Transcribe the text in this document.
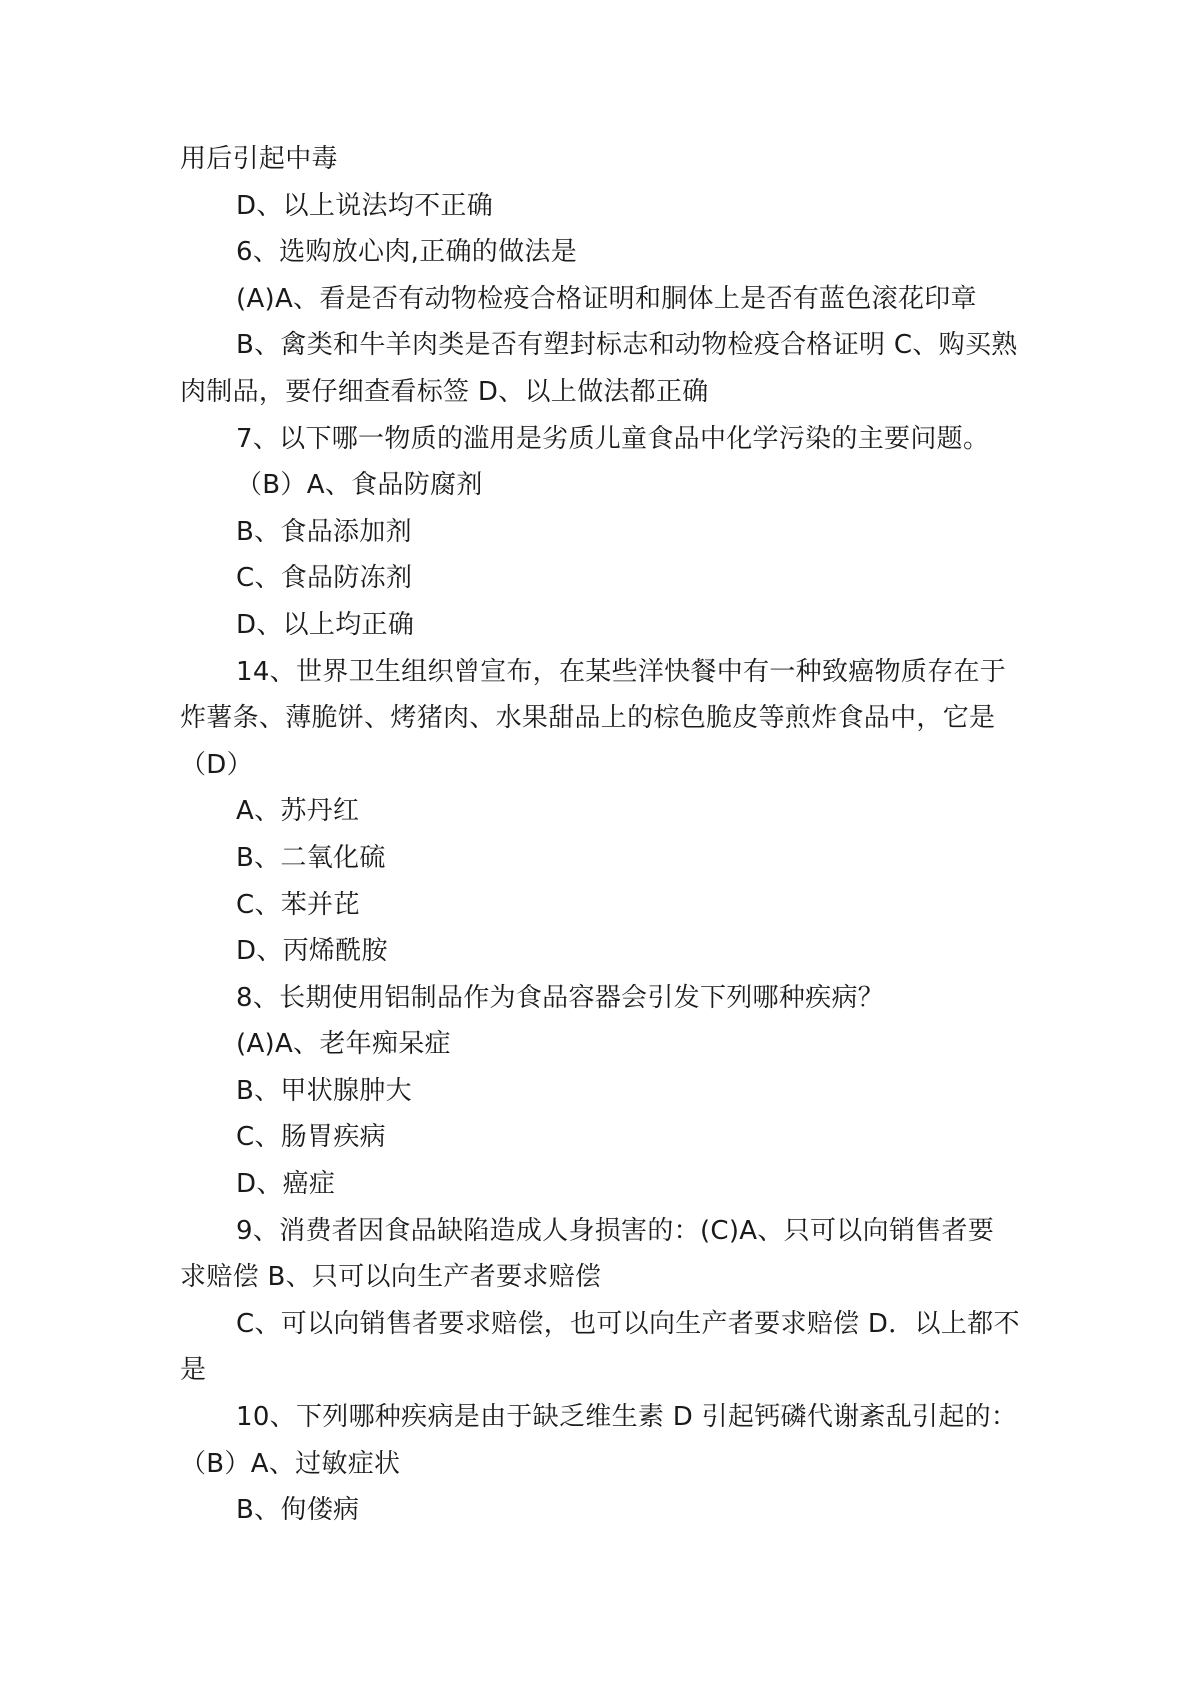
用后引起中毒

D、以上说法均不正确

6、选购放心肉,正确的做法是

(A)A、看是否有动物检疫合格证明和胴体上是否有蓝色滚花印章

B、禽类和牛羊肉类是否有塑封标志和动物检疫合格证明 C、购买熟肉制品，要仔细查看标签 D、以上做法都正确

7、以下哪一物质的滥用是劣质儿童食品中化学污染的主要问题。

（B）A、食品防腐剂

B、食品添加剂

C、食品防冻剂

D、以上均正确

14、世界卫生组织曾宣布，在某些洋快餐中有一种致癌物质存在于炸薯条、薄脆饼、烤猪肉、水果甜品上的棕色脆皮等煎炸食品中，它是（D）

A、苏丹红

B、二氧化硫

C、苯并芘

D、丙烯酰胺

8、长期使用铝制品作为食品容器会引发下列哪种疾病？

(A)A、老年痴呆症

B、甲状腺肿大

C、肠胃疾病

D、癌症

9、消费者因食品缺陷造成人身损害的：(C)A、只可以向销售者要求赔偿 B、只可以向生产者要求赔偿

C、可以向销售者要求赔偿，也可以向生产者要求赔偿 D．以上都不是

10、下列哪种疾病是由于缺乏维生素 D 引起钙磷代谢紊乱引起的：（B）A、过敏症状

B、佝偻病
